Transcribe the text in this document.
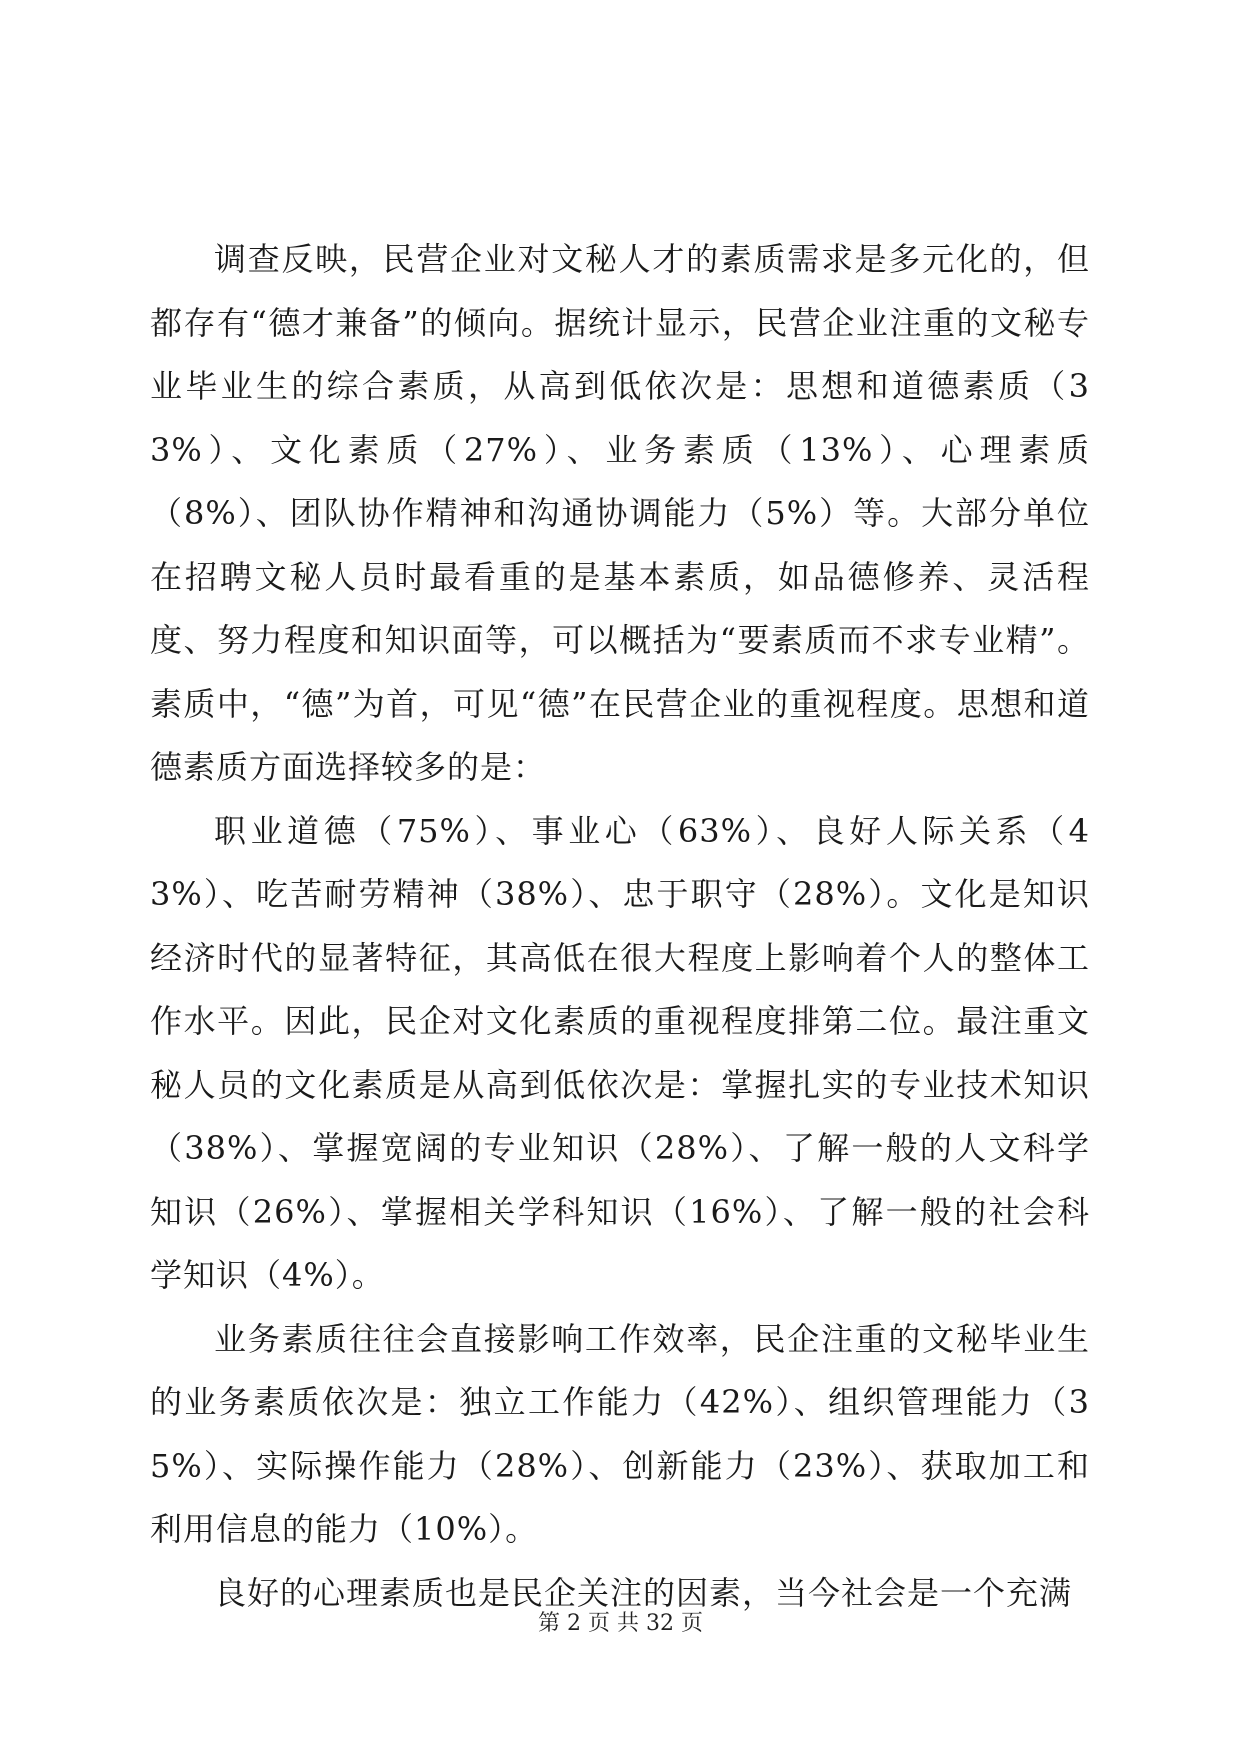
调查反映，民营企业对文秘人才的素质需求是多元化的，但都存有“德才兼备”的倾向。据统计显示，民营企业注重的文秘专业毕业生的综合素质，从高到低依次是：思想和道德素质（33%）、文化素质（27%）、业务素质（13%）、心理素质（8%）、团队协作精神和沟通协调能力（5%）等。大部分单位在招聘文秘人员时最看重的是基本素质，如品德修养、灵活程度、努力程度和知识面等，可以概括为“要素质而不求专业精”。素质中，“德”为首，可见“德”在民营企业的重视程度。思想和道德素质方面选择较多的是：

职业道德（75%）、事业心（63%）、良好人际关系（43%）、吃苦耐劳精神（38%）、忠于职守（28%）。文化是知识经济时代的显著特征，其高低在很大程度上影响着个人的整体工作水平。因此，民企对文化素质的重视程度排第二位。最注重文秘人员的文化素质是从高到低依次是：掌握扎实的专业技术知识（38%）、掌握宽阔的专业知识（28%）、了解一般的人文科学知识（26%）、掌握相关学科知识（16%）、了解一般的社会科学知识（4%）。

业务素质往往会直接影响工作效率，民企注重的文秘毕业生的业务素质依次是：独立工作能力（42%）、组织管理能力（35%）、实际操作能力（28%）、创新能力（23%）、获取加工和利用信息的能力（10%）。

良好的心理素质也是民企关注的因素，当今社会是一个充满

第 2 页 共 32 页
